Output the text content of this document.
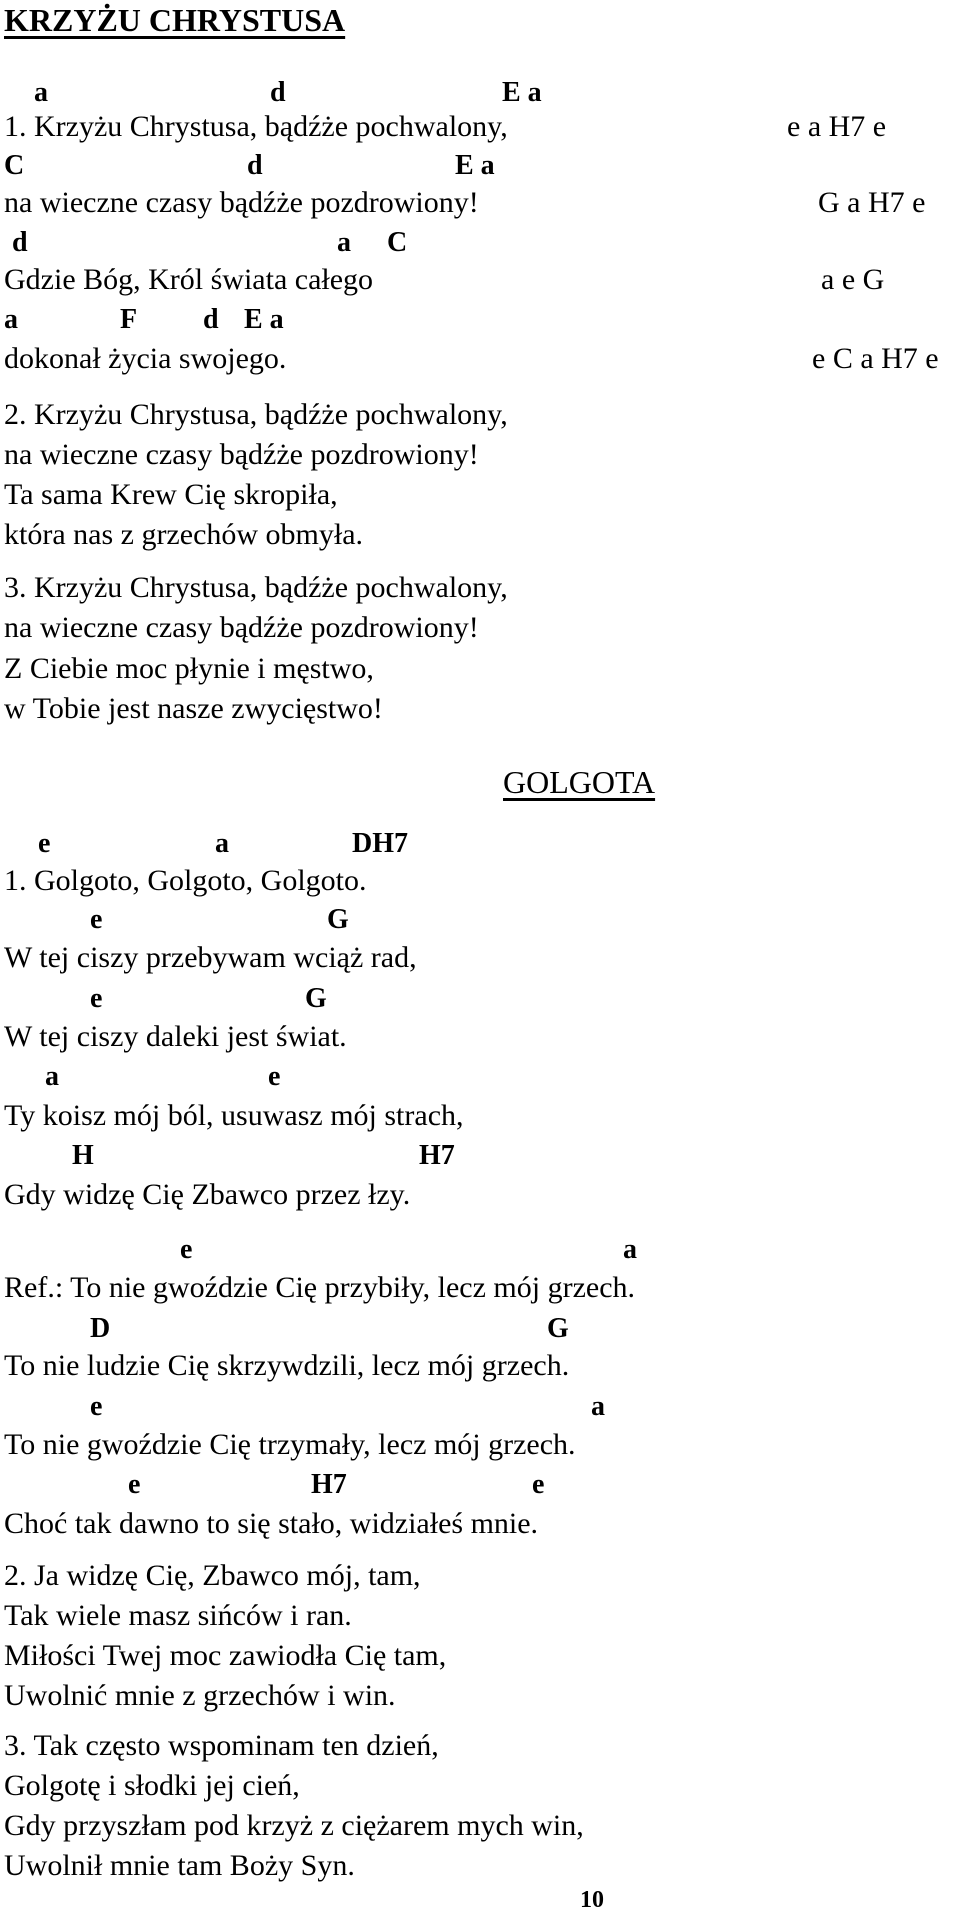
KRZYŻU CHRYSTUSA
a	d	E a
1. Krzyżu Chrystusa, bądźże pochwalony,	e a H7 e
C	d	E a
na wieczne czasy bądźże pozdrowiony!	G a H7 e
d	a C
Gdzie Bóg, Król świata całego	a e G
a	F d E a
dokonał życia swojego.	e C a H7 e
2. Krzyżu Chrystusa, bądźże pochwalony,
na wieczne czasy bądźże pozdrowiony!
Ta sama Krew Cię skropiła,
która nas z grzechów obmyła.
3. Krzyżu Chrystusa, bądźże pochwalony,
na wieczne czasy bądźże pozdrowiony!
Z Ciebie moc płynie i męstwo,
w Tobie jest nasze zwycięstwo!
GOLGOTA
e	a	DH7
1. Golgoto, Golgoto, Golgoto.
e	G
W tej ciszy przebywam wciąż rad,
e	G
W tej ciszy daleki jest świat.
a	e
Ty koisz mój ból, usuwasz mój strach,
H	H7
Gdy widzę Cię Zbawco przez łzy.
e	a
Ref.: To nie gwoździe Cię przybiły, lecz mój grzech.
D	G
To nie ludzie Cię skrzywdzili, lecz mój grzech.
e	a
To nie gwoździe Cię trzymały, lecz mój grzech.
e	H7	e
Choć tak dawno to się stało, widziałeś mnie.
2. Ja widzę Cię, Zbawco mój, tam,
Tak wiele masz sińców i ran.
Miłości Twej moc zawiodła Cię tam,
Uwolnić mnie z grzechów i win.
3. Tak często wspominam ten dzień,
Golgotę i słodki jej cień,
Gdy przyszłam pod krzyż z ciężarem mych win,
Uwolnił mnie tam Boży Syn.
10
